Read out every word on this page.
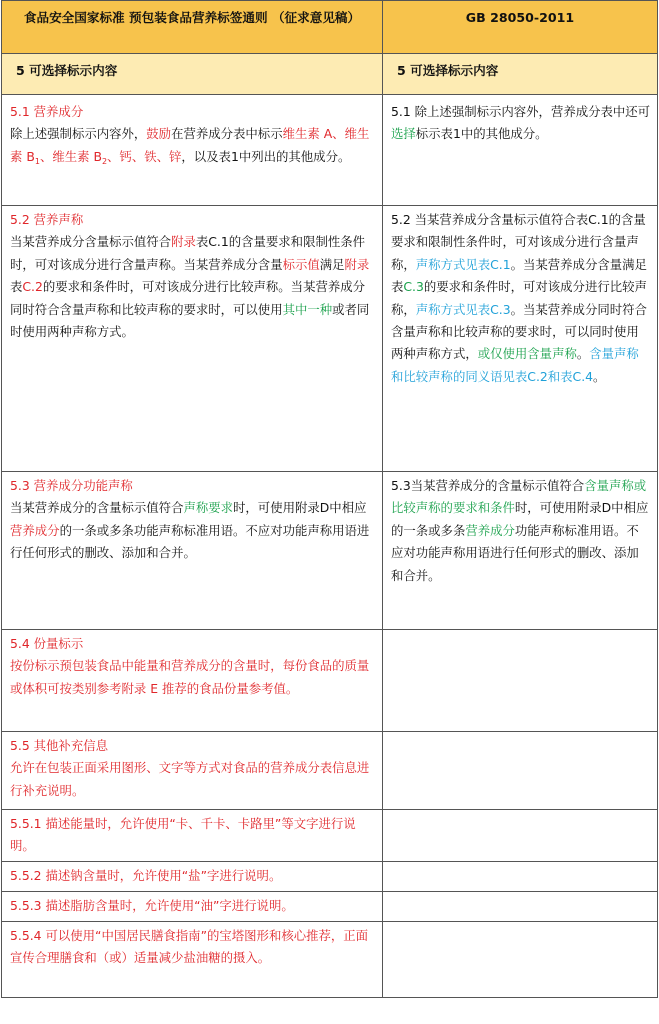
食品安全国家标准 预包装食品营养标签通则 （征求意见稿）	GB 28050-2011
5 可选择标示内容	5 可选择标示内容

5.1 营养成分
除上述强制标示内容外，鼓励在营养成分表中标示维生素 A、维生素 $B_1$、维生素 $B_2$、钙、铁、锌，以及表1中列出的其他成分。	5.1 除上述强制标示内容外，营养成分表中还可选择标示表1中的其他成分。

5.2 营养声称
当某营养成分含量标示值符合附录表C.1的含量要求和限制性条件时，可对该成分进行含量声称。当某营养成分含量标示值满足附录表C.2的要求和条件时，可对该成分进行比较声称。当某营养成分同时符合含量声称和比较声称的要求时，可以使用其中一种或者同时使用两种声称方式。	5.2 当某营养成分含量标示值符合表C.1的含量要求和限制性条件时，可对该成分进行含量声称，声称方式见表C.1。当某营养成分含量满足表C.3的要求和条件时，可对该成分进行比较声称，声称方式见表C.3。当某营养成分同时符合含量声称和比较声称的要求时，可以同时使用两种声称方式，或仅使用含量声称。含量声称和比较声称的同义语见表C.2和表C.4。

5.3 营养成分功能声称
当某营养成分的含量标示值符合声称要求时，可使用附录D中相应营养成分的一条或多条功能声称标准用语。不应对功能声称用语进行任何形式的删改、添加和合并。	5.3当某营养成分的含量标示值符合含量声称或比较声称的要求和条件时，可使用附录D中相应的一条或多条营养成分功能声称标准用语。不应对功能声称用语进行任何形式的删改、添加和合并。

5.4 份量标示
按份标示预包装食品中能量和营养成分的含量时，每份食品的质量或体积可按类别参考附录 E 推荐的食品份量参考值。	

5.5 其他补充信息
允许在包装正面采用图形、文字等方式对食品的营养成分表信息进行补充说明。	
5.5.1 描述能量时，允许使用“卡、千卡、卡路里”等文字进行说明。	
5.5.2 描述钠含量时，允许使用“盐”字进行说明。	
5.5.3 描述脂肪含量时，允许使用“油”字进行说明。	
5.5.4 可以使用“中国居民膳食指南”的宝塔图形和核心推荐，正面宣传合理膳食和（或）适量减少盐油糖的摄入。	
